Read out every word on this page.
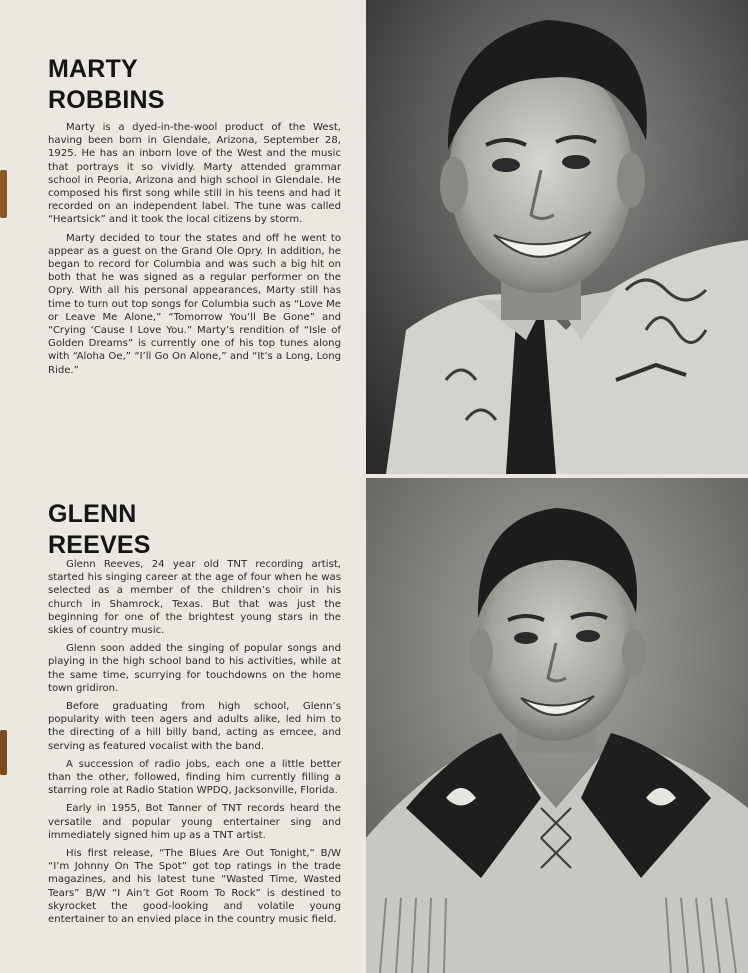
MARTY
ROBBINS

Marty is a dyed-in-the-wool product of the West, having been born in Glendale, Arizona, September 28, 1925. He has an inborn love of the West and the music that portrays it so vividly. Marty attended grammar school in Peoria, Arizona and high school in Glendale. He composed his first song while still in his teens and had it recorded on an independent label. The tune was called “Heartsick” and it took the local citizens by storm.

Marty decided to tour the states and off he went to appear as a guest on the Grand Ole Opry. In addition, he began to record for Columbia and was such a big hit on both that he was signed as a regular performer on the Opry. With all his personal appearances, Marty still has time to turn out top songs for Columbia such as “Love Me or Leave Me Alone,” “Tomorrow You’ll Be Gone” and “Crying ‘Cause I Love You.” Marty’s rendition of “Isle of Golden Dreams” is currently one of his top tunes along with “Aloha Oe,” “I’ll Go On Alone,” and “It’s a Long, Long Ride.”

GLENN
REEVES

Glenn Reeves, 24 year old TNT recording artist, started his singing career at the age of four when he was selected as a member of the children’s choir in his church in Shamrock, Texas. But that was just the beginning for one of the brightest young stars in the skies of country music.

Glenn soon added the singing of popular songs and playing in the high school band to his activities, while at the same time, scurrying for touchdowns on the home town gridiron.

Before graduating from high school, Glenn’s popularity with teen agers and adults alike, led him to the directing of a hill billy band, acting as emcee, and serving as featured vocalist with the band.

A succession of radio jobs, each one a little better than the other, followed, finding him currently filling a starring role at Radio Station WPDQ, Jacksonville, Florida.

Early in 1955, Bot Tanner of TNT records heard the versatile and popular young entertainer sing and immediately signed him up as a TNT artist.

His first release, “The Blues Are Out Tonight,” B/W “I’m Johnny On The Spot” got top ratings in the trade magazines, and his latest tune “Wasted Time, Wasted Tears” B/W “I Ain’t Got Room To Rock” is destined to skyrocket the good-looking and volatile young entertainer to an envied place in the country music field.
